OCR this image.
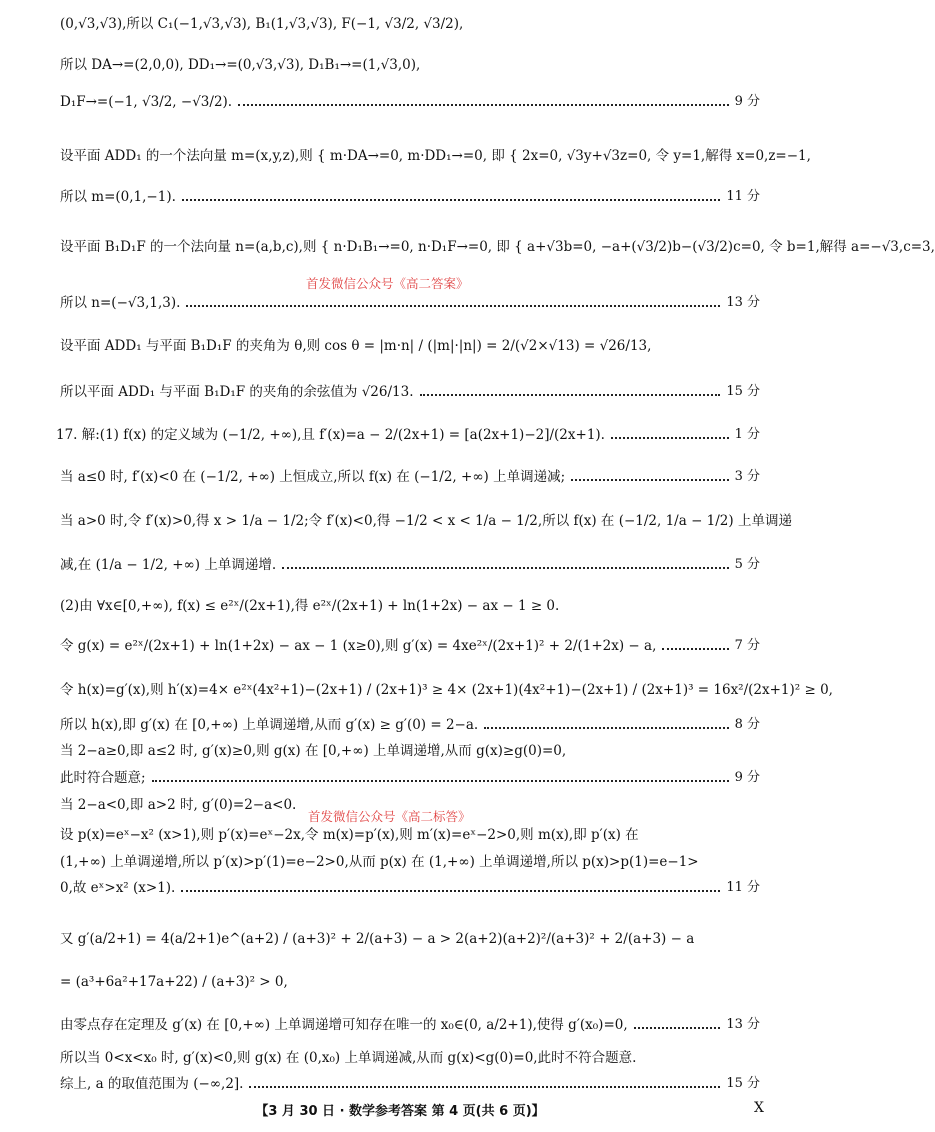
(0,√3,√3),所以 C₁(−1,√3,√3), B₁(1,√3,√3), F(−1, √3/2, √3/2),
所以 DA→=(2,0,0), DD₁→=(0,√3,√3), D₁B₁→=(1,√3,0),
D₁F→=(−1, √3/2, −√3/2).	9 分
设平面 ADD₁ 的一个法向量 m=(x,y,z),则 { m·DA→=0, m·DD₁→=0, 即 { 2x=0, √3y+√3z=0, 令 y=1,解得 x=0,z=−1,
所以 m=(0,1,−1).	11 分
设平面 B₁D₁F 的一个法向量 n=(a,b,c),则 { n·D₁B₁→=0, n·D₁F→=0, 即 { a+√3b=0, −a+(√3/2)b−(√3/2)c=0, 令 b=1,解得 a=−√3,c=3,
首发微信公众号《高二答案》
所以 n=(−√3,1,3).	13 分
设平面 ADD₁ 与平面 B₁D₁F 的夹角为 θ,则 cos θ = |m·n| / (|m|·|n|) = 2/(√2×√13) = √26/13,
所以平面 ADD₁ 与平面 B₁D₁F 的夹角的余弦值为 √26/13.	15 分
17. 解:(1) f(x) 的定义域为 (−1/2, +∞),且 f′(x)=a − 2/(2x+1) = [a(2x+1)−2]/(2x+1).	1 分
当 a≤0 时, f′(x)<0 在 (−1/2, +∞) 上恒成立,所以 f(x) 在 (−1/2, +∞) 上单调递减;	3 分
当 a>0 时,令 f′(x)>0,得 x > 1/a − 1/2;令 f′(x)<0,得 −1/2 < x < 1/a − 1/2,所以 f(x) 在 (−1/2, 1/a − 1/2) 上单调递
减,在 (1/a − 1/2, +∞) 上单调递增.	5 分
(2)由 ∀x∈[0,+∞), f(x) ≤ e²ˣ/(2x+1),得 e²ˣ/(2x+1) + ln(1+2x) − ax − 1 ≥ 0.
令 g(x) = e²ˣ/(2x+1) + ln(1+2x) − ax − 1 (x≥0),则 g′(x) = 4xe²ˣ/(2x+1)² + 2/(1+2x) − a,	7 分
令 h(x)=g′(x),则 h′(x)=4× e²ˣ(4x²+1)−(2x+1) / (2x+1)³ ≥ 4× (2x+1)(4x²+1)−(2x+1) / (2x+1)³ = 16x²/(2x+1)² ≥ 0,
所以 h(x),即 g′(x) 在 [0,+∞) 上单调递增,从而 g′(x) ≥ g′(0) = 2−a.	8 分
当 2−a≥0,即 a≤2 时, g′(x)≥0,则 g(x) 在 [0,+∞) 上单调递增,从而 g(x)≥g(0)=0,
此时符合题意;	9 分
当 2−a<0,即 a>2 时, g′(0)=2−a<0.
首发微信公众号《高二标答》
设 p(x)=eˣ−x² (x>1),则 p′(x)=eˣ−2x,令 m(x)=p′(x),则 m′(x)=eˣ−2>0,则 m(x),即 p′(x) 在
(1,+∞) 上单调递增,所以 p′(x)>p′(1)=e−2>0,从而 p(x) 在 (1,+∞) 上单调递增,所以 p(x)>p(1)=e−1>
0,故 eˣ>x² (x>1).	11 分
又 g′(a/2+1) = 4(a/2+1)e^(a+2) / (a+3)² + 2/(a+3) − a > 2(a+2)(a+2)²/(a+3)² + 2/(a+3) − a
= (a³+6a²+17a+22) / (a+3)² > 0,
由零点存在定理及 g′(x) 在 [0,+∞) 上单调递增可知存在唯一的 x₀∈(0, a/2+1),使得 g′(x₀)=0,	13 分
所以当 0<x<x₀ 时, g′(x)<0,则 g(x) 在 (0,x₀) 上单调递减,从而 g(x)<g(0)=0,此时不符合题意.
综上, a 的取值范围为 (−∞,2].	15 分
【3 月 30 日 · 数学参考答案 第 4 页(共 6 页)】	X
